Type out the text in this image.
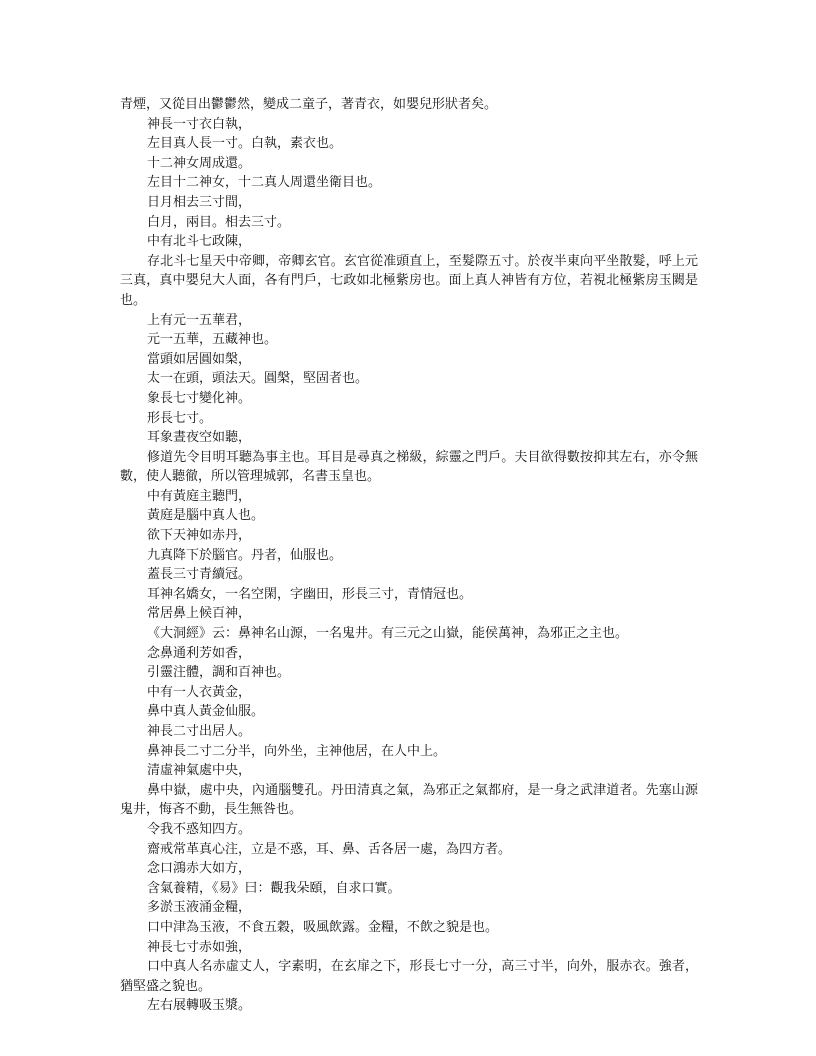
青煙，又從目出鬱鬱然，變成二童子，著青衣，如嬰兒形狀者矣。

神長一寸衣白執，

左目真人長一寸。白執，素衣也。

十二神女周成還。

左目十二神女，十二真人周還坐衛目也。

日月相去三寸間，

白月，兩目。相去三寸。

中有北斗七政陳，

存北斗七星天中帝卿，帝卿玄官。玄官從准頭直上，至髮際五寸。於夜半東向平坐散髮，呼上元三真，真中嬰兒大人面，各有門戶，七政如北極紫房也。面上真人神皆有方位，若視北極紫房玉闕是也。

上有元一五華君，

元一五華，五藏神也。

當頭如居圓如槃，

太一在頭，頭法天。圓槃，堅固者也。

象長七寸變化神。

形長七寸。

耳象晝夜空如聽，

修道先令目明耳聽為事主也。耳目是尋真之梯級，綜靈之門戶。夫目欲得數按抑其左右，亦令無數，使人聽徹，所以管理城郭，名書玉皇也。

中有黃庭主聽門，

黃庭是腦中真人也。

欲下天神如赤丹，

九真降下於腦官。丹者，仙服也。

蓋長三寸青續冠。

耳神名嬌女，一名空閑，字幽田，形長三寸，青情冠也。

常居鼻上候百神，

《大洞經》云：鼻神名山源，一名鬼井。有三元之山嶽，能侯萬神，為邪正之主也。

念鼻通利芳如香，

引靈注體，調和百神也。

中有一人衣黃金，

鼻中真人黃金仙服。

神長二寸出居人。

鼻神長二寸二分半，向外坐，主神他居，在人中上。

清虛神氣處中央，

鼻中嶽，處中央，內通腦雙孔。丹田清真之氣，為邪正之氣都府，是一身之武津道者。先塞山源鬼井，悔吝不動，長生無咎也。

令我不惑知四方。

齋戒常革真心注，立是不惑，耳、鼻、舌各居一處，為四方者。

念口鴻赤大如方，

含氣養精，《易》曰：觀我朵頤，自求口實。

多淤玉液涌金糧，

口中津為玉液，不食五穀，吸風飲露。金糧，不飲之貌是也。

神長七寸赤如強，

口中真人名赤虛丈人，字素明，在玄扉之下，形長七寸一分，高三寸半，向外，服赤衣。強者，猶堅盛之貌也。

左右展轉吸玉漿。
